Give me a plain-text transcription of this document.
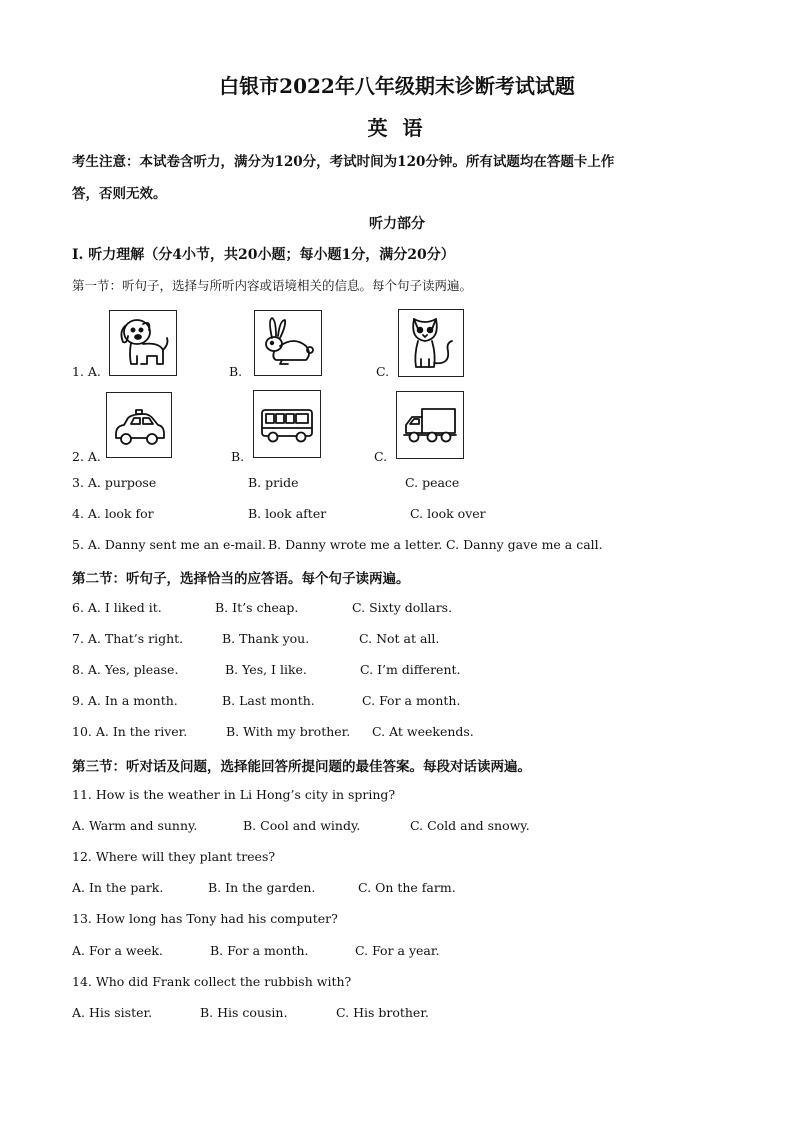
白银市2022年八年级期末诊断考试试题
英 语
考生注意：本试卷含听力，满分为120分，考试时间为120分钟。所有试题均在答题卡上作
答，否则无效。
听力部分
I. 听力理解（分4小节，共20小题；每小题1分，满分20分）
第一节：听句子，选择与所听内容或语境相关的信息。每个句子读两遍。
1. A.	B.	C.
2. A.	B.	C.
3. A. purpose	B. pride	C. peace
4. A. look for	B. look after	C. look over
5. A. Danny sent me an e-mail. B. Danny wrote me a letter. C. Danny gave me a call.
第二节：听句子，选择恰当的应答语。每个句子读两遍。
6. A. I liked it.	B. It’s cheap.	C. Sixty dollars.
7. A. That’s right.	B. Thank you.	C. Not at all.
8. A. Yes, please.	B. Yes, I like.	C. I’m different.
9. A. In a month.	B. Last month.	C. For a month.
10. A. In the river.	B. With my brother. C. At weekends.
第三节：听对话及问题，选择能回答所提问题的最佳答案。每段对话读两遍。
11. How is the weather in Li Hong’s city in spring?
A. Warm and sunny.	B. Cool and windy.	C. Cold and snowy.
12. Where will they plant trees?
A. In the park.	B. In the garden.	C. On the farm.
13. How long has Tony had his computer?
A. For a week.	B. For a month.	C. For a year.
14. Who did Frank collect the rubbish with?
A. His sister.	B. His cousin.	C. His brother.
